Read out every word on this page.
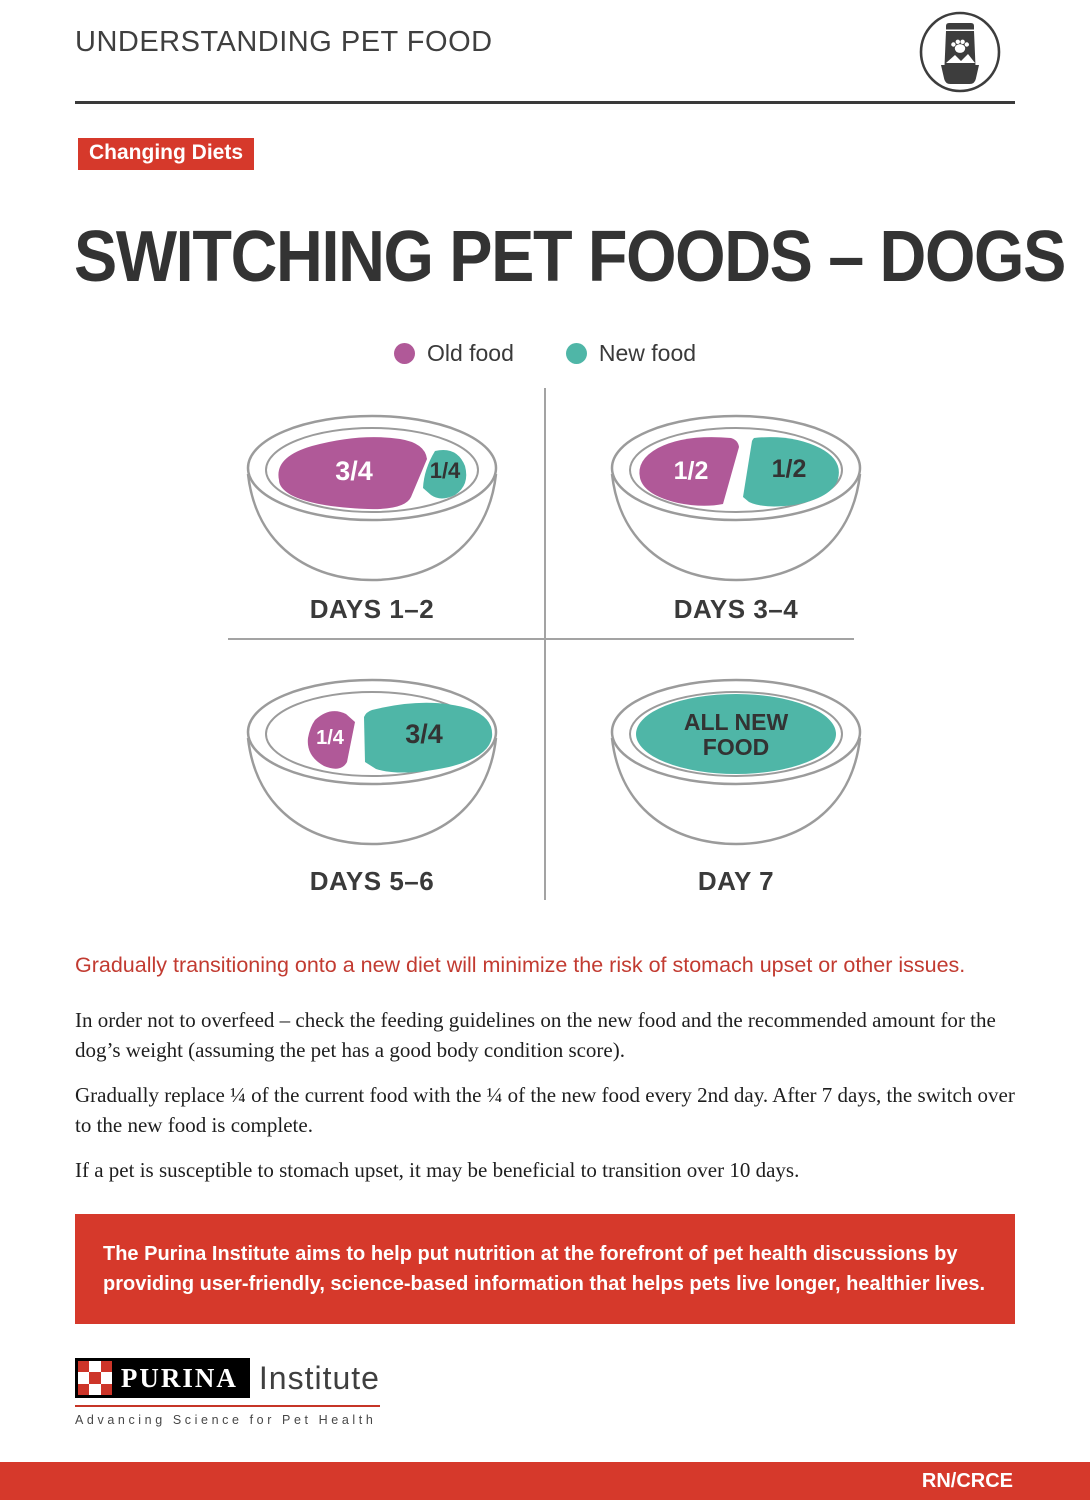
UNDERSTANDING PET FOOD
Changing Diets
SWITCHING PET FOODS – DOGS
Old food	New food
3/4	1/4
DAYS 1–2
1/2	1/2
DAYS 3–4
1/4 3/4
DAYS 5–6
ALL NEW
FOOD
DAY 7
Gradually transitioning onto a new diet will minimize the risk of stomach upset or other issues.

In order not to overfeed – check the feeding guidelines on the new food and the recommended amount for the dog’s weight (assuming the pet has a good body condition score).

Gradually replace ¼ of the current food with the ¼ of the new food every 2nd day. After 7 days, the switch over to the new food is complete.

If a pet is susceptible to stomach upset, it may be beneficial to transition over 10 days.

The Purina Institute aims to help put nutrition at the forefront of pet health discussions by
providing user-friendly, science-based information that helps pets live longer, healthier lives.
PURINA Institute
Advancing Science for Pet Health
RN/CRCE
